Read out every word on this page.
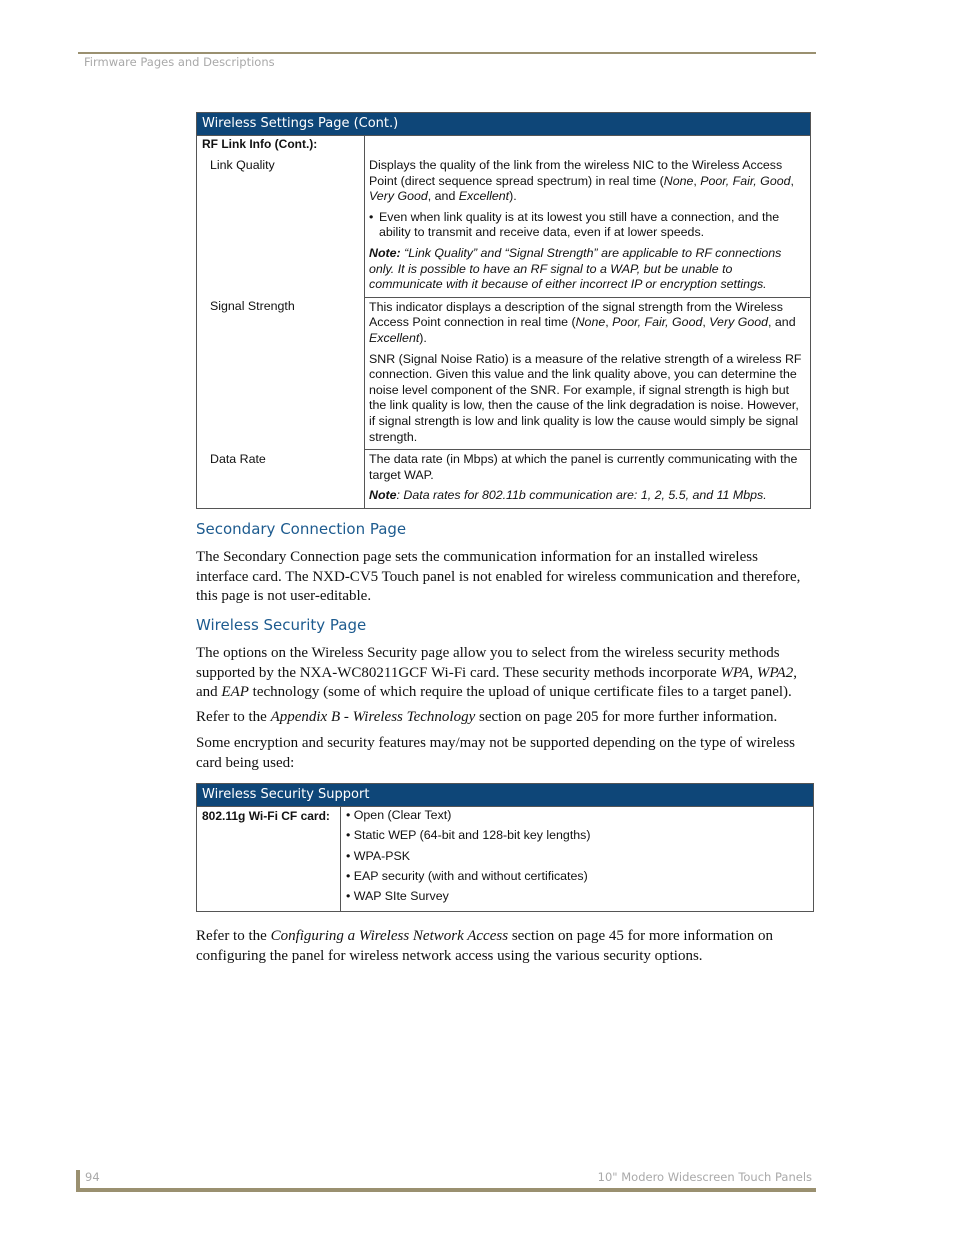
Firmware Pages and Descriptions
Wireless Settings Page (Cont.)	
RF Link Info (Cont.):	
Link Quality	Displays the quality of the link from the wireless NIC to the Wireless Access Point (direct sequence spread spectrum) in real time (None, Poor, Fair, Good, Very Good, and Excellent).

• Even when link quality is at its lowest you still have a connection, and the ability to transmit and receive data, even if at lower speeds.

Note: “Link Quality” and “Signal Strength” are applicable to RF connections only. It is possible to have an RF signal to a WAP, but be unable to communicate with it because of either incorrect IP or encryption settings.

Signal Strength	This indicator displays a description of the signal strength from the Wireless Access Point connection in real time (None, Poor, Fair, Good, Very Good, and Excellent).

SNR (Signal Noise Ratio) is a measure of the relative strength of a wireless RF connection. Given this value and the link quality above, you can determine the noise level component of the SNR. For example, if signal strength is high but the link quality is low, then the cause of the link degradation is noise. However, if signal strength is low and link quality is low the cause would simply be signal strength.

Data Rate	The data rate (in Mbps) at which the panel is currently communicating with the target WAP.

Note: Data rates for 802.11b communication are: 1, 2, 5.5, and 11 Mbps.

Secondary Connection Page

The Secondary Connection page sets the communication information for an installed wireless interface card. The NXD-CV5 Touch panel is not enabled for wireless communication and therefore, this page is not user-editable.

Wireless Security Page

The options on the Wireless Security page allow you to select from the wireless security methods supported by the NXA-WC80211GCF Wi-Fi card. These security methods incorporate WPA, WPA2, and EAP technology (some of which require the upload of unique certificate files to a target panel).

Refer to the Appendix B - Wireless Technology section on page 205 for more further information.

Some encryption and security features may/may not be supported depending on the type of wireless card being used:

Wireless Security Support
802.11g Wi-Fi CF card:	• Open (Clear Text)
• Static WEP (64-bit and 128-bit key lengths)
• WPA-PSK
• EAP security (with and without certificates)
• WAP SIte Survey

Refer to the Configuring a Wireless Network Access section on page 45 for more information on configuring the panel for wireless network access using the various security options.

94	10" Modero Widescreen Touch Panels
